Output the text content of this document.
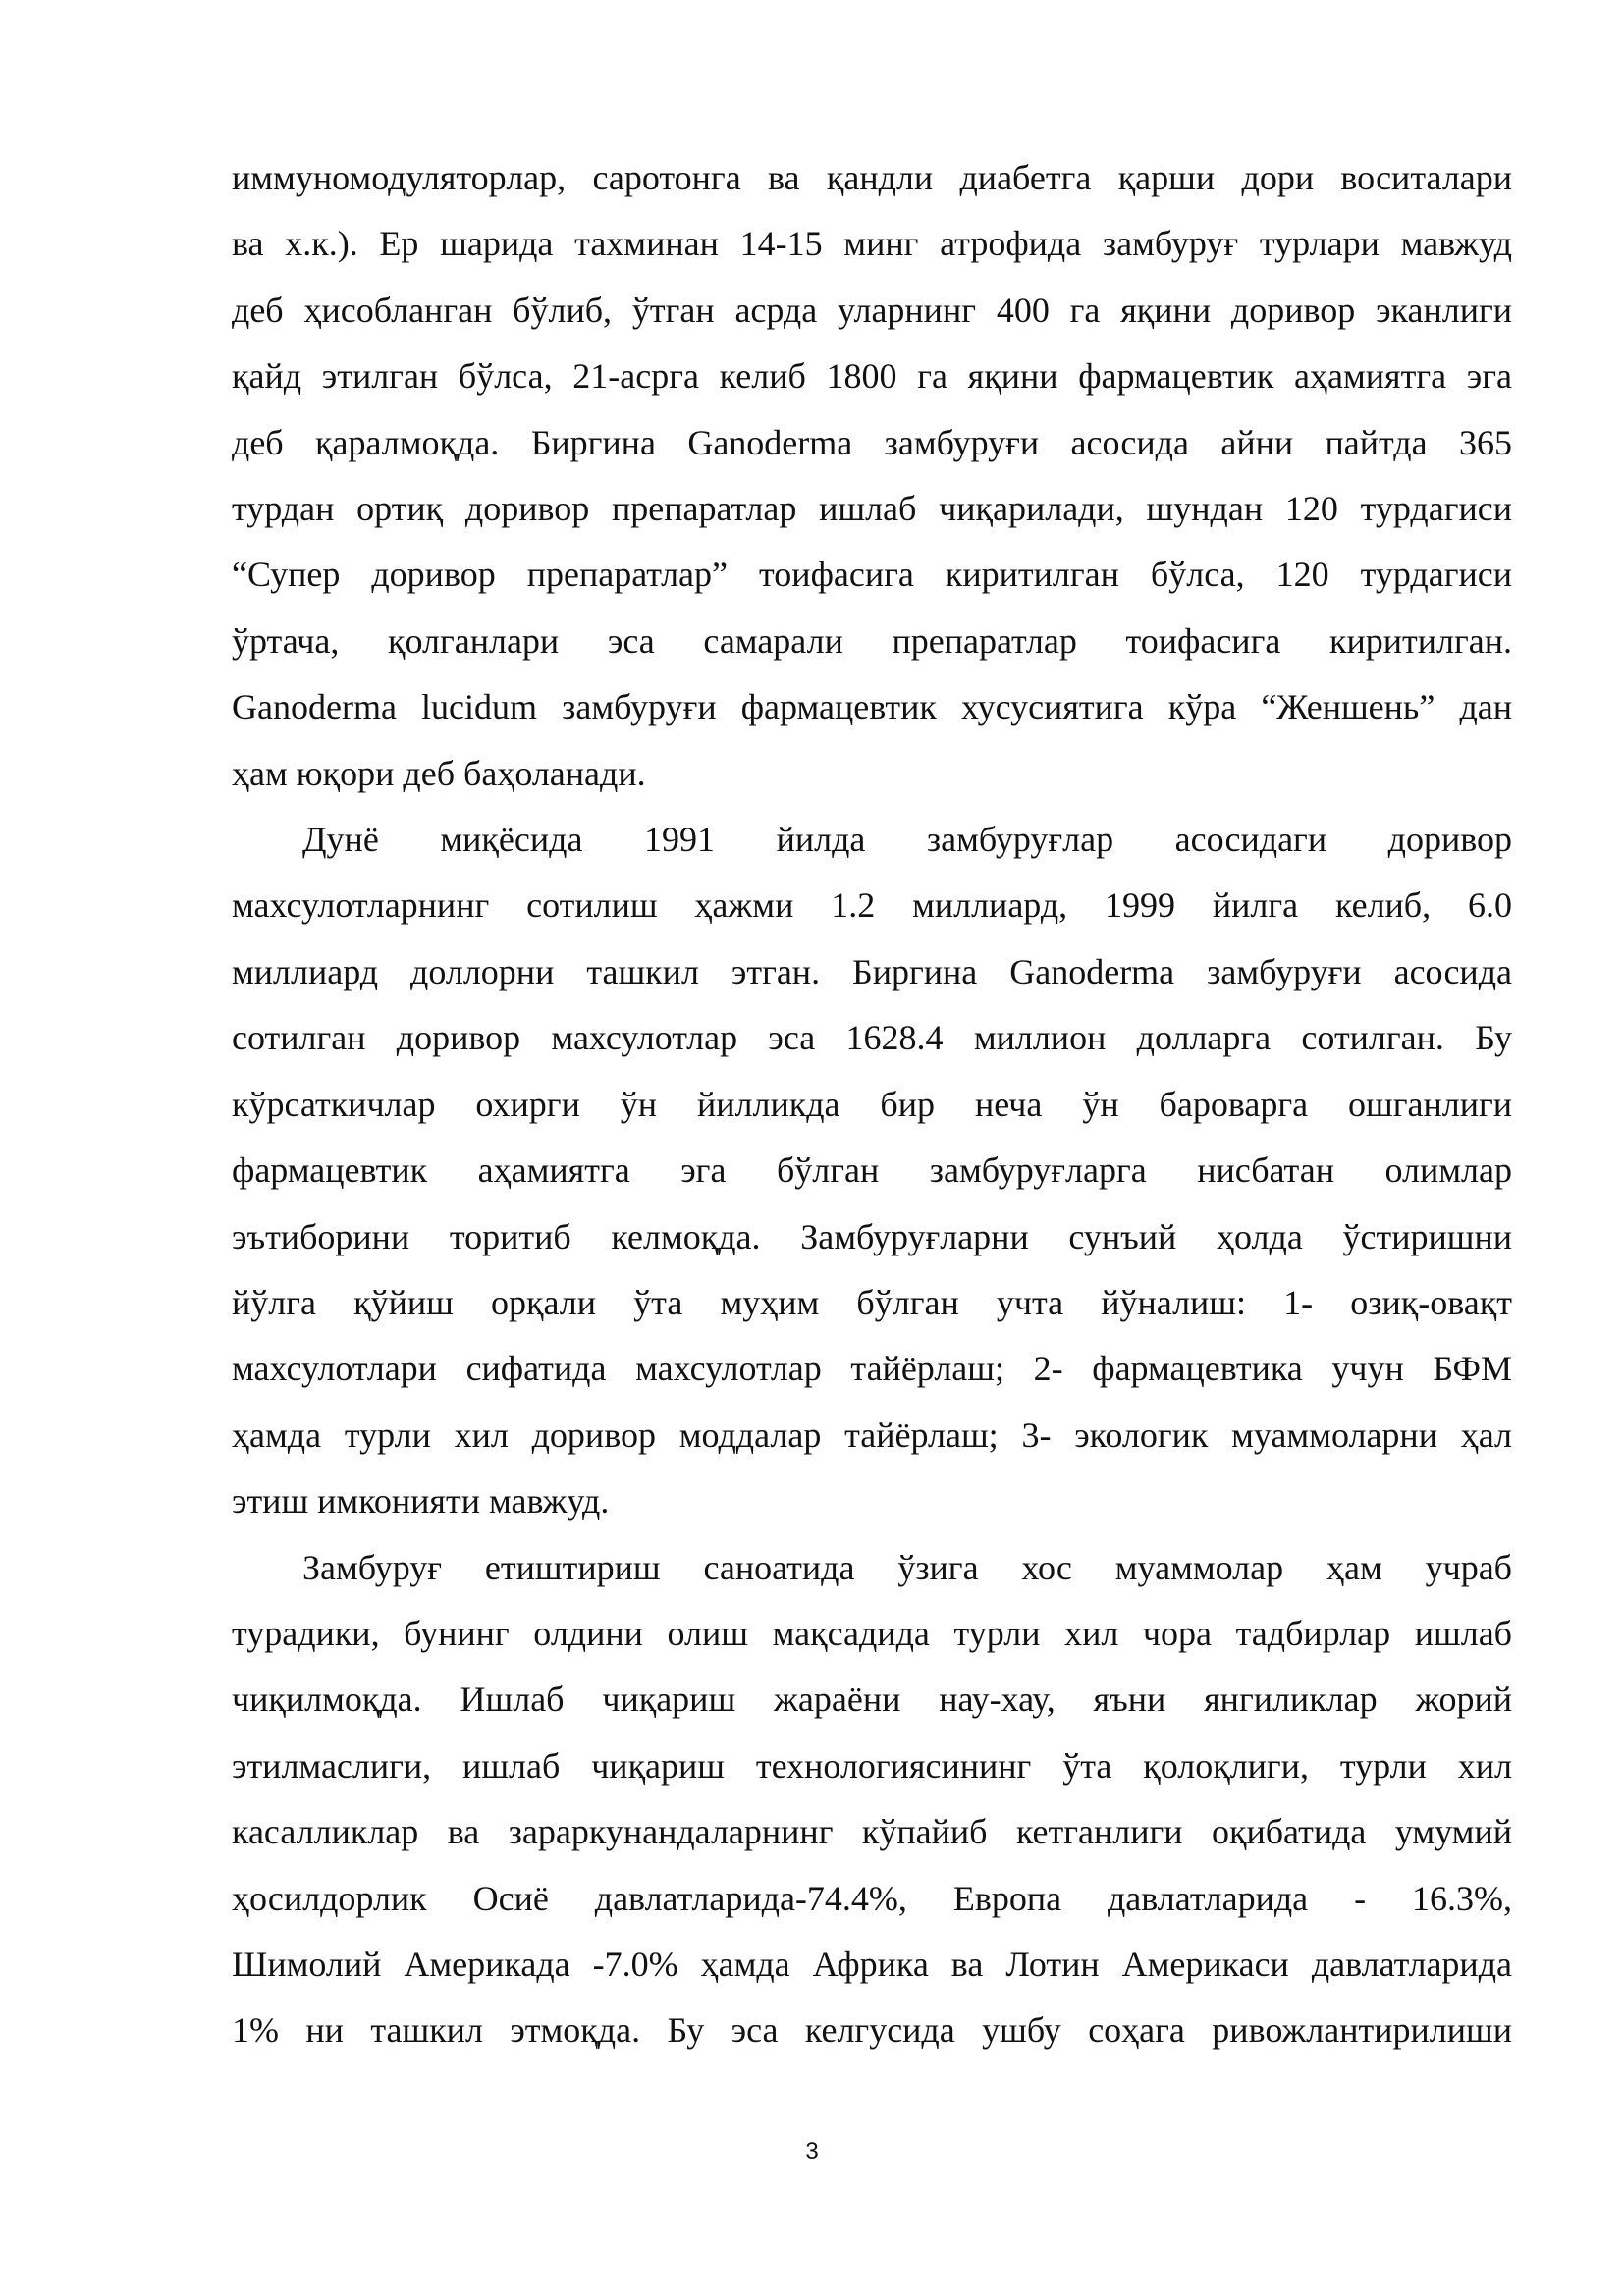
иммуномодуляторлар, саротонга ва қандли диабетга қарши дори воситалари
ва х.к.). Ер шарида тахминан 14-15 минг атрофида замбуруғ турлари мавжуд
деб ҳисобланган бўлиб, ўтган асрда уларнинг 400 га яқини доривор эканлиги
қайд этилган бўлса, 21-асрга келиб 1800 га яқини фармацевтик аҳамиятга эга
деб қаралмоқда. Биргина Ganoderma замбуруғи асосида айни пайтда 365
турдан ортиқ доривор препаратлар ишлаб чиқарилади, шундан 120 турдагиси
“Супер доривор препаратлар” тоифасига киритилган бўлса, 120 турдагиси
ўртача, қолганлари эса самарали препаратлар тоифасига киритилган.
Ganoderma lucidum замбуруғи фармацевтик хусусиятига кўра “Женшень” дан
ҳам юқори деб баҳоланади.
Дунё миқёсида 1991 йилда замбуруғлар асосидаги доривор
махсулотларнинг сотилиш ҳажми 1.2 миллиард, 1999 йилга келиб, 6.0
миллиард доллорни ташкил этган. Биргина Ganoderma замбуруғи асосида
сотилган доривор махсулотлар эса 1628.4 миллион долларга сотилган. Бу
кўрсаткичлар охирги ўн йилликда бир неча ўн бароварга ошганлиги
фармацевтик аҳамиятга эга бўлган замбуруғларга нисбатан олимлар
эътиборини торитиб келмоқда. Замбуруғларни сунъий ҳолда ўстиришни
йўлга қўйиш орқали ўта муҳим бўлган учта йўналиш: 1- озиқ-овақт
махсулотлари сифатида махсулотлар тайёрлаш; 2- фармацевтика учун БФМ
ҳамда турли хил доривор моддалар тайёрлаш; 3- экологик муаммоларни ҳал
этиш имконияти мавжуд.
Замбуруғ етиштириш саноатида ўзига хос муаммолар ҳам учраб
турадики, бунинг олдини олиш мақсадида турли хил чора тадбирлар ишлаб
чиқилмоқда. Ишлаб чиқариш жараёни нау-хау, яъни янгиликлар жорий
этилмаслиги, ишлаб чиқариш технологиясининг ўта қолоқлиги, турли хил
касалликлар ва зараркунандаларнинг кўпайиб кетганлиги оқибатида умумий
ҳосилдорлик Осиё давлатларида-74.4%, Европа давлатларида - 16.3%,
Шимолий Америкада -7.0% ҳамда Африка ва Лотин Америкаси давлатларида
1% ни ташкил этмоқда. Бу эса келгусида ушбу соҳага ривожлантирилиши
3
